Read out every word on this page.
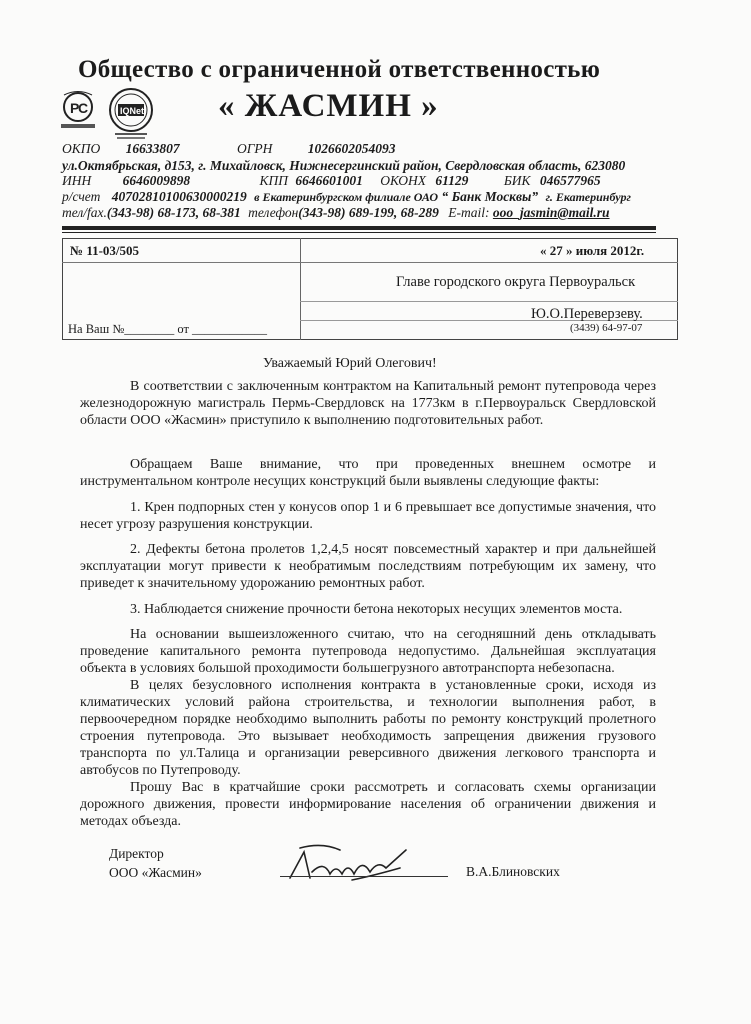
Общество с ограниченной ответственностью
« ЖАСМИН »
P
C	IQNet
ОКПО 16633807	ОГРН	1026602054093
ул.Октябрьская, д153, г. Михайловск, Нижнесергинский район, Свердловская область, 623080
ИНН 6646009898	КПП 6646601001 ОКОНХ 61129	БИК 046577965
р/счет 40702810100630000219 в Екатеринбургском филиале ОАО “ Банк Москвы” г. Екатеринбург
тел/fax.(343-98) 68-173, 68-381 телефон(343-98) 689-199, 68-289 E-mail: ooo_jasmin@mail.ru
№ 11-03/505	« 27 » июля 2012г.
Главе городского округа Первоуральск
Ю.О.Переверзеву.
(3439) 64-97-07
На Ваш №________ от ____________
Уважаемый Юрий Олегович!
В соответствии с заключенным контрактом на Капитальный ремонт путепровода через железнодорожную магистраль Пермь-Свердловск на 1773км в г.Первоуральск Свердловской области ООО «Жасмин» приступило к выполнению подготовительных работ.
Обращаем Ваше внимание, что при проведенных внешнем осмотре и инструментальном контроле несущих конструкций были выявлены следующие факты:
1. Крен подпорных стен у конусов опор 1 и 6 превышает все допустимые значения, что несет угрозу разрушения конструкции.
2. Дефекты бетона пролетов 1,2,4,5 носят повсеместный характер и при дальнейшей эксплуатации могут привести к необратимым последствиям потребующим их замену, что приведет к значительному удорожанию ремонтных работ.
3. Наблюдается снижение прочности бетона некоторых несущих элементов моста.
На основании вышеизложенного считаю, что на сегодняшний день откладывать проведение капитального ремонта путепровода недопустимо. Дальнейшая эксплуатация объекта в условиях большой проходимости большегрузного автотранспорта небезопасна.
В целях безусловного исполнения контракта в установленные сроки, исходя из климатических условий района строительства, и технологии выполнения работ, в первоочередном порядке необходимо выполнить работы по ремонту конструкций пролетного строения путепровода. Это вызывает необходимость запрещения движения грузового транспорта по ул.Талица и организации реверсивного движения легкового транспорта и автобусов по Путепроводу.
Прошу Вас в кратчайшие сроки рассмотреть и согласовать схемы организации дорожного движения, провести информирование населения об ограничении движения и методах объезда.
Директор
ООО «Жасмин»	В.А.Блиновских
